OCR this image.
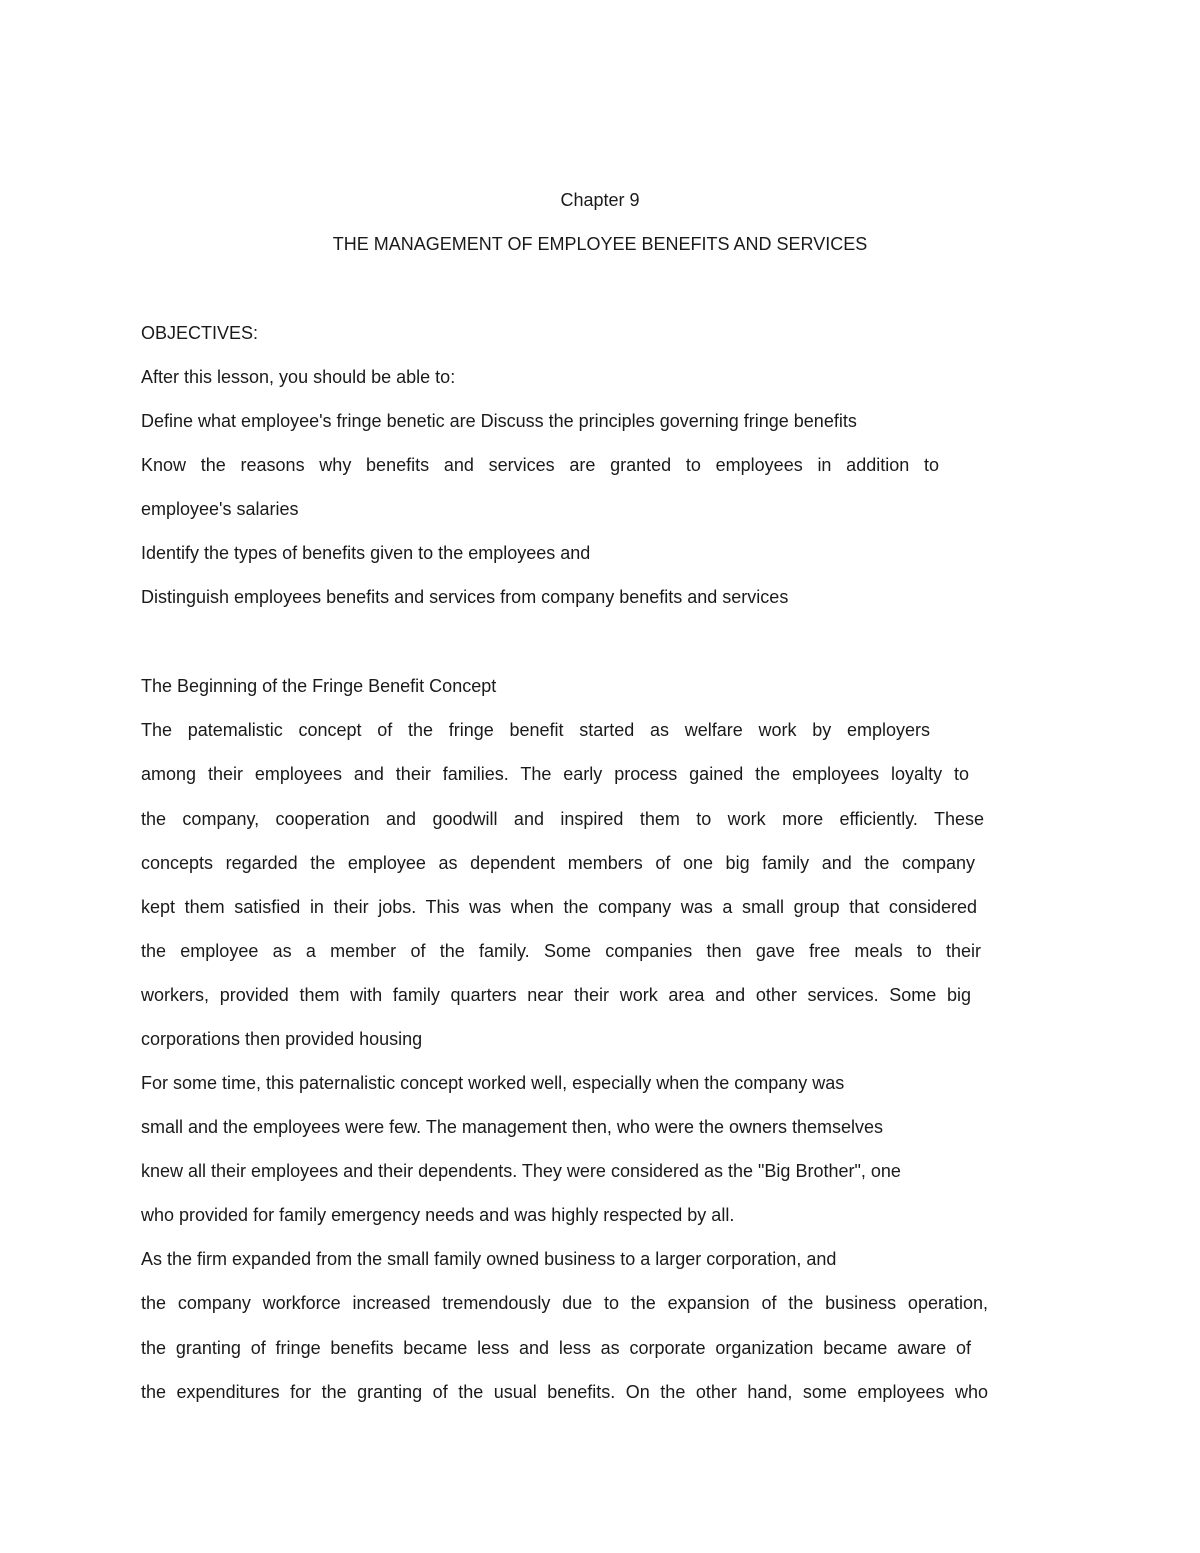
Chapter 9
THE MANAGEMENT OF EMPLOYEE BENEFITS AND SERVICES
OBJECTIVES:
After this lesson, you should be able to:
Define what employee's fringe benetic are Discuss the principles governing fringe benefits
Know the reasons why benefits and services are granted to employees in addition to
employee's salaries
Identify the types of benefits given to the employees and
Distinguish employees benefits and services from company benefits and services
The Beginning of the Fringe Benefit Concept
The patemalistic concept of the fringe benefit started as welfare work by employers
among their employees and their families. The early process gained the employees loyalty to
the company, cooperation and goodwill and inspired them to work more efficiently. These
concepts regarded the employee as dependent members of one big family and the company
kept them satisfied in their jobs. This was when the company was a small group that considered
the employee as a member of the family. Some companies then gave free meals to their
workers, provided them with family quarters near their work area and other services. Some big
corporations then provided housing
For some time, this paternalistic concept worked well, especially when the company was
small and the employees were few. The management then, who were the owners themselves
knew all their employees and their dependents. They were considered as the "Big Brother", one
who provided for family emergency needs and was highly respected by all.
As the firm expanded from the small family owned business to a larger corporation, and
the company workforce increased tremendously due to the expansion of the business operation,
the granting of fringe benefits became less and less as corporate organization became aware of
the expenditures for the granting of the usual benefits. On the other hand, some employees who
